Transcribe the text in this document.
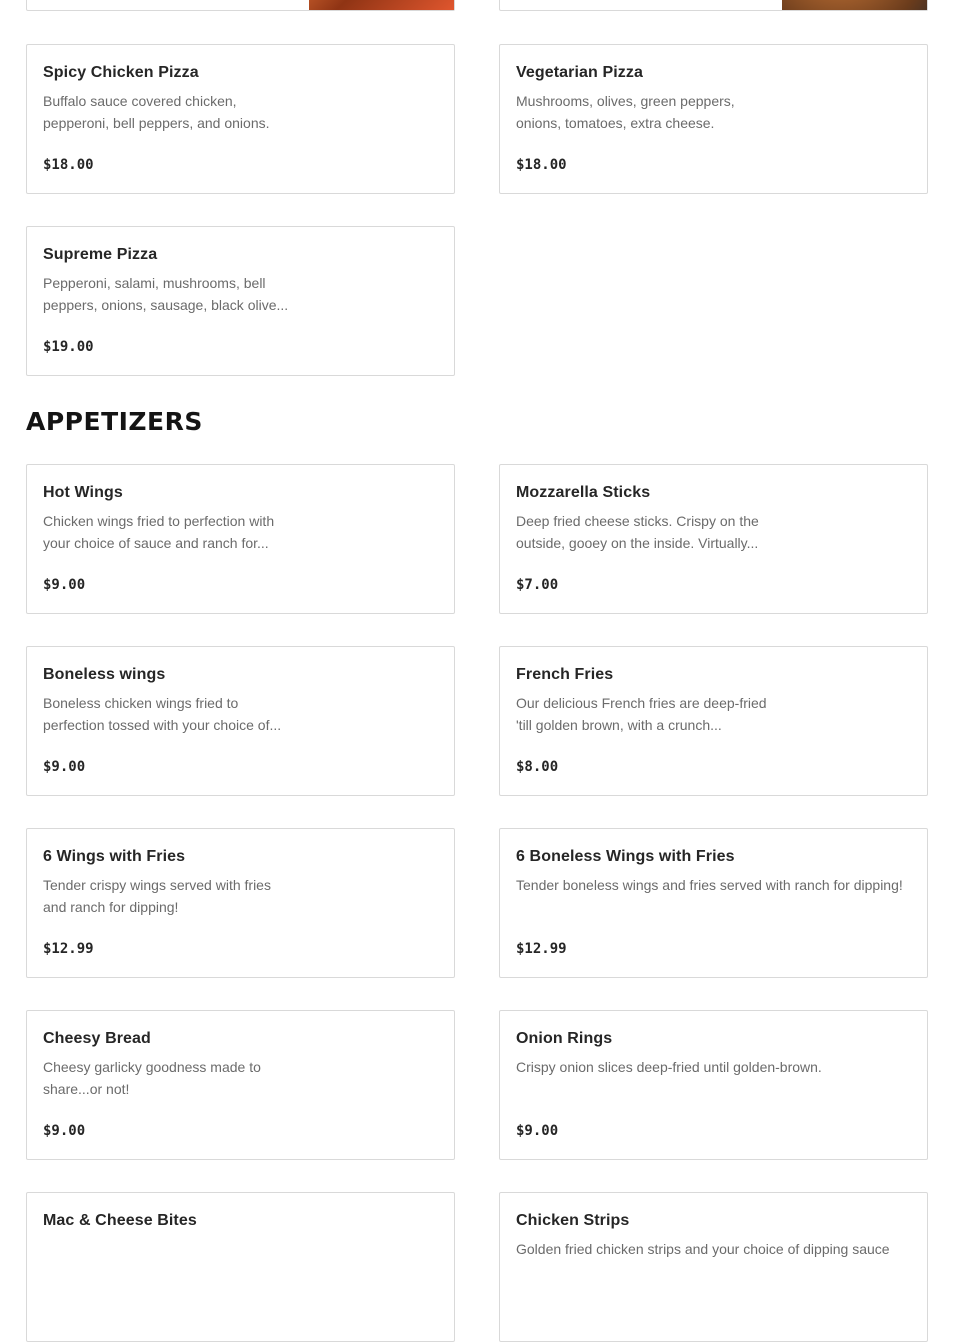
Spicy Chicken Pizza
Buffalo sauce covered chicken, pepperoni, bell peppers, and onions.
$18.00
Vegetarian Pizza
Mushrooms, olives, green peppers, onions, tomatoes, extra cheese.
$18.00
Supreme Pizza
Pepperoni, salami, mushrooms, bell peppers, onions, sausage, black olive...
$19.00
APPETIZERS
Hot Wings
Chicken wings fried to perfection with your choice of sauce and ranch for...
$9.00
Mozzarella Sticks
Deep fried cheese sticks. Crispy on the outside, gooey on the inside. Virtually...
$7.00
Boneless wings
Boneless chicken wings fried to perfection tossed with your choice of...
$9.00
French Fries
Our delicious French fries are deep-fried 'till golden brown, with a crunch...
$8.00
6 Wings with Fries
Tender crispy wings served with fries and ranch for dipping!
$12.99
6 Boneless Wings with Fries
Tender boneless wings and fries served with ranch for dipping!
$12.99
Cheesy Bread
Cheesy garlicky goodness made to share...or not!
$9.00
Onion Rings
Crispy onion slices deep-fried until golden-brown.
$9.00
Mac & Cheese Bites	Chicken Strips
Golden fried chicken strips and your choice of dipping sauce
